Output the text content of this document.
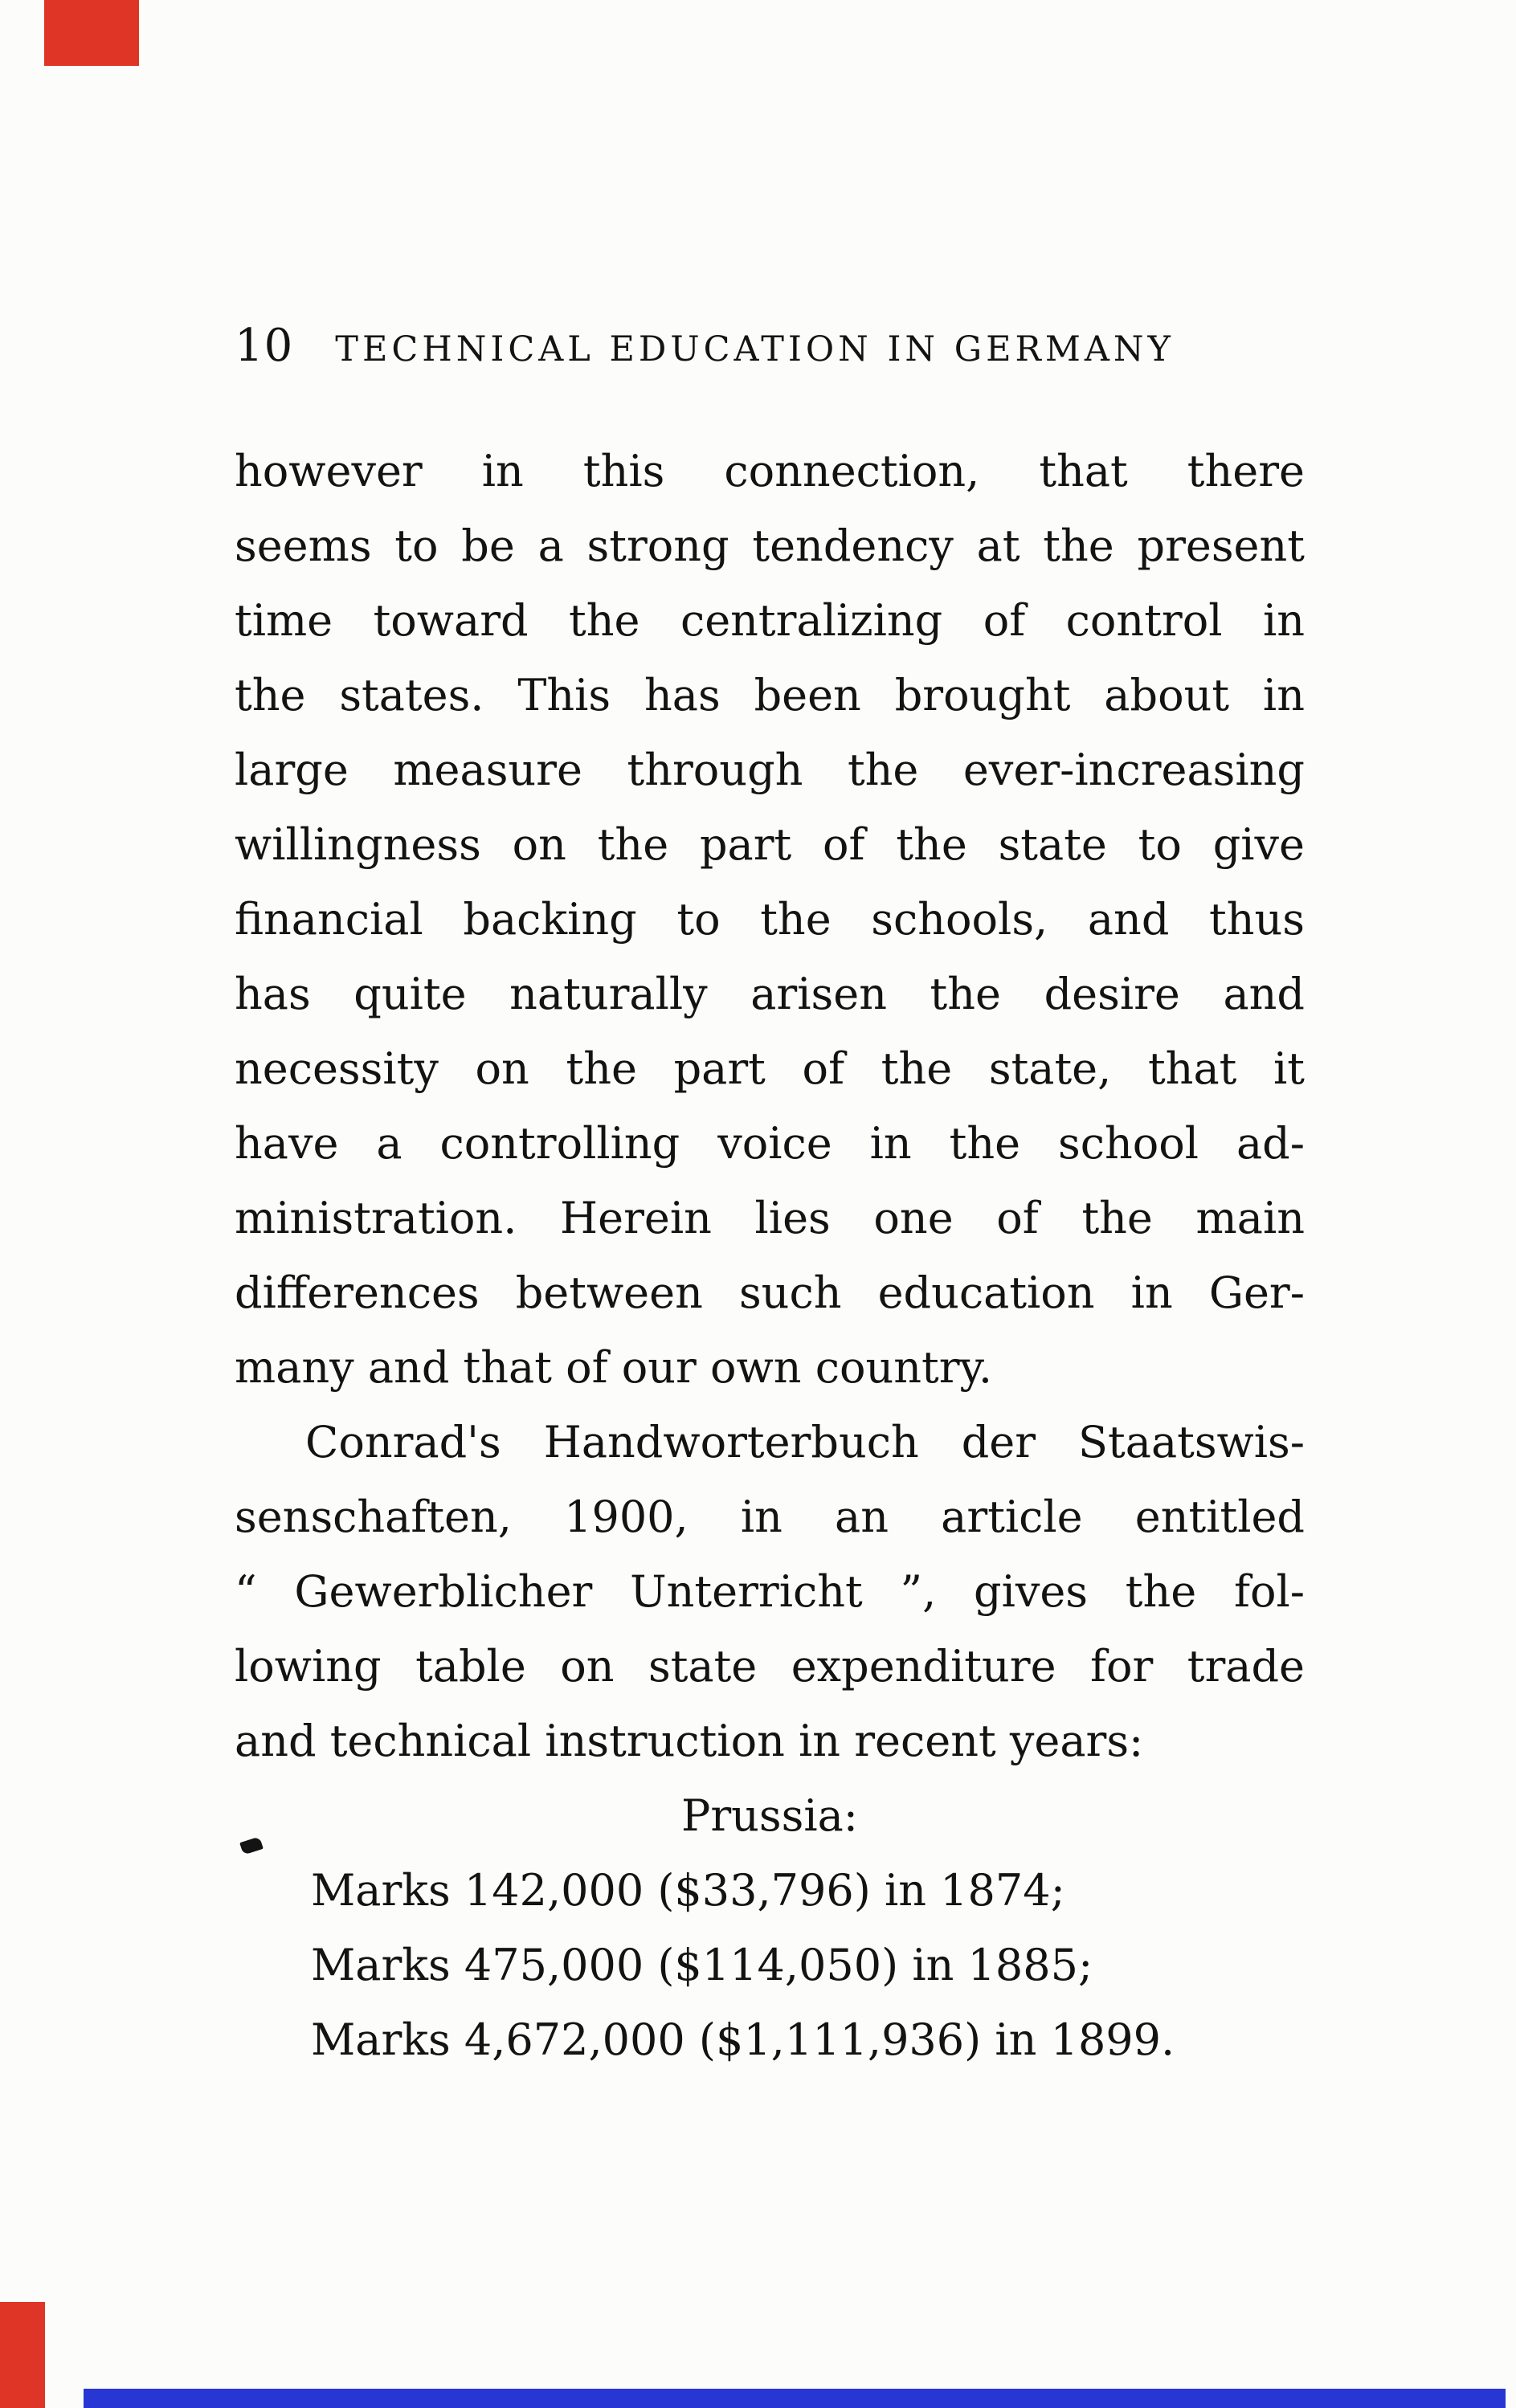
10 TECHNICAL EDUCATION IN GERMANY
however in this connection, that there
seems to be a strong tendency at the present
time toward the centralizing of control in
the states. This has been brought about in
large measure through the ever-increasing
willingness on the part of the state to give
financial backing to the schools, and thus
has quite naturally arisen the desire and
necessity on the part of the state, that it
have a controlling voice in the school ad-
ministration. Herein lies one of the main
differences between such education in Ger-
many and that of our own country.
Conrad's Handworterbuch der Staatswis-
senschaften, 1900, in an article entitled
“ Gewerblicher Unterricht ”, gives the fol-
lowing table on state expenditure for trade
and technical instruction in recent years:
Prussia:
Marks 142,000 ($33,796) in 1874;
Marks 475,000 ($114,050) in 1885;
Marks 4,672,000 ($1,111,936) in 1899.
